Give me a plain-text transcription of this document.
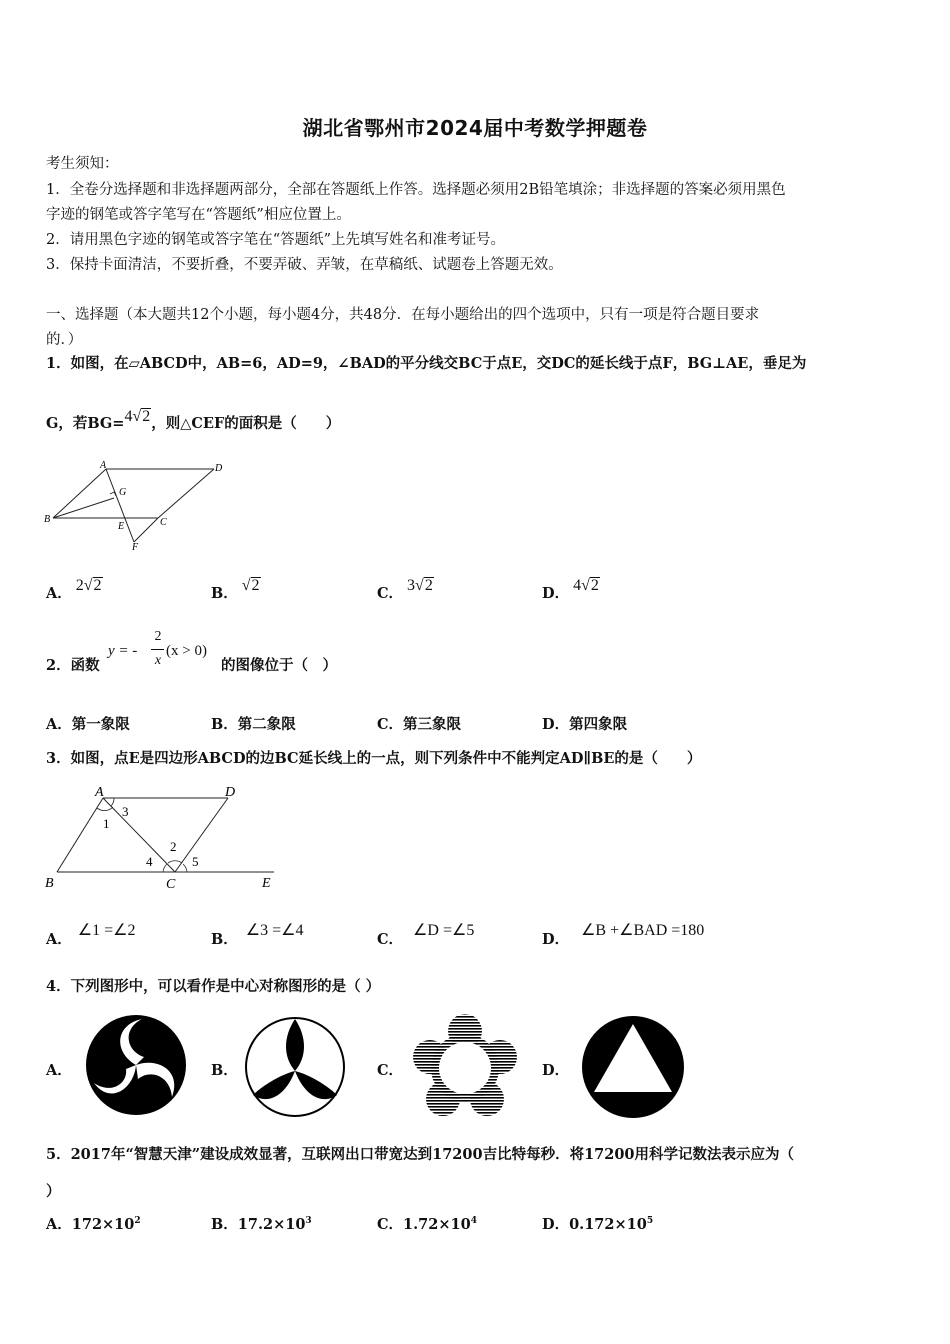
湖北省鄂州市2024届中考数学押题卷
考生须知：
1．全卷分选择题和非选择题两部分，全部在答题纸上作答。选择题必须用2B铅笔填涂；非选择题的答案必须用黑色
字迹的钢笔或答字笔写在“答题纸”相应位置上。
2．请用黑色字迹的钢笔或答字笔在“答题纸”上先填写姓名和准考证号。
3．保持卡面清洁，不要折叠，不要弄破、弄皱，在草稿纸、试题卷上答题无效。
一、选择题（本大题共12个小题，每小题4分，共48分．在每小题给出的四个选项中，只有一项是符合题目要求
的．）
1．如图，在▱ABCD中，AB=6，AD=9，∠BAD的平分线交BC于点E，交DC的延长线于点F，BG⊥AE，垂足为
G，若BG=4√2，则△CEF的面积是（　　）
A	D
G
B
E	C
F
A． 2√2	B． √2	C． 3√2	D． 4√2
2．函数
y = -
2
x
(x > 0)
的图像位于（　）
A．第一象限	B．第二象限	C．第三象限	D．第四象限
3．如图，点E是四边形ABCD的边BC延长线上的一点，则下列条件中不能判定AD∥BE的是（　　）
A	D
B	C	E
1
2
3
4	5
A．∠1 =∠2
B．∠3 =∠4
C．∠D =∠5
D．∠B +∠BAD =180
4．下列图形中，可以看作是中心对称图形的是（ ）
A．	B．	C．	D．
5．2017年“智慧天津”建设成效显著，互联网出口带宽达到17200吉比特每秒．将17200用科学记数法表示应为（
）
A．$172\times 10^2$	B．$17.2\times 10^3$	C．$1.72\times 10^4$	D．$0.172\times 10^5$
